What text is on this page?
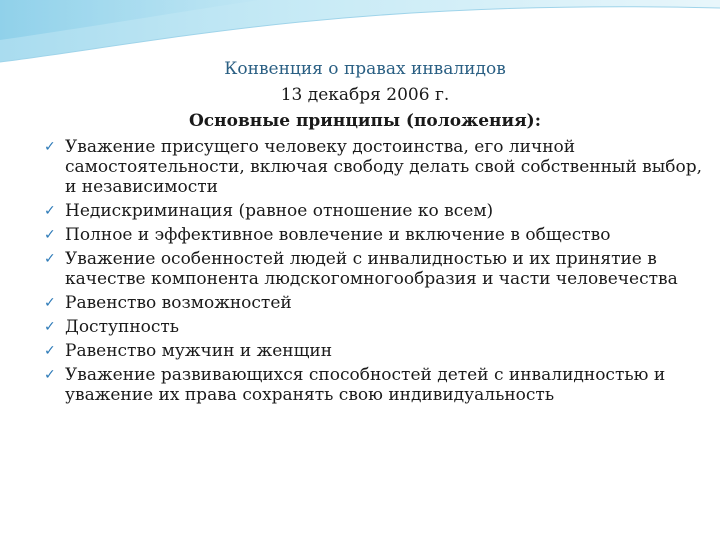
Конвенция о правах инвалидов
13 декабря 2006 г.
Основные принципы (положения):
✓ Уважение присущего человеку достоинства, его личной самостоятельности, включая свободу делать свой собственный выбор, и независимости
✓ Недискриминация (равное отношение ко всем)
✓ Полное и эффективное вовлечение и включение в общество
✓ Уважение особенностей людей с инвалидностью и их принятие в качестве компонента людскогомногообразия и части человечества
✓ Равенство возможностей
✓ Доступность
✓ Равенство мужчин и женщин
✓ Уважение развивающихся способностей детей с инвалидностью и уважение их права сохранять свою индивидуальность
